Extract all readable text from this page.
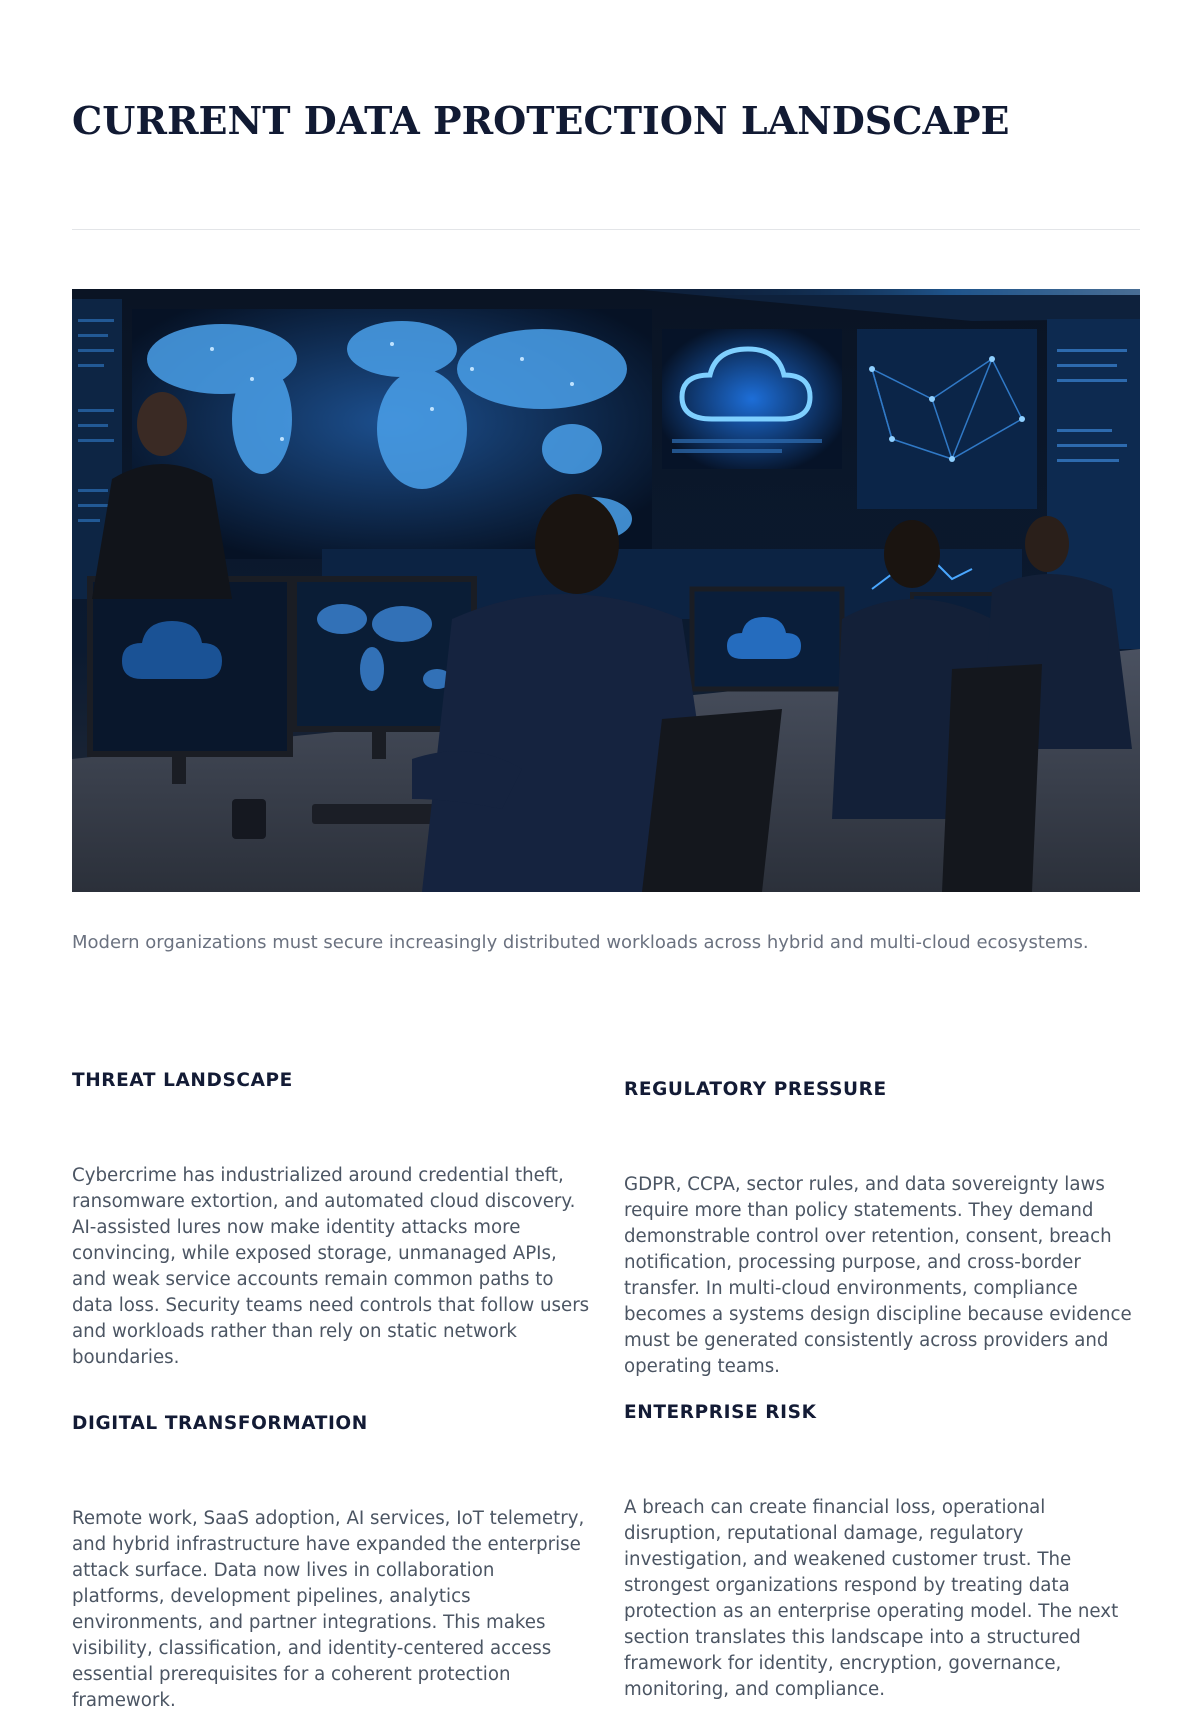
CURRENT DATA PROTECTION LANDSCAPE

Modern organizations must secure increasingly distributed workloads across hybrid and multi-cloud ecosystems.

THREAT LANDSCAPE

Cybercrime has industrialized around credential theft, ransomware extortion, and automated cloud discovery. AI-assisted lures now make identity attacks more convincing, while exposed storage, unmanaged APIs, and weak service accounts remain common paths to data loss. Security teams need controls that follow users and workloads rather than rely on static network boundaries.

DIGITAL TRANSFORMATION

Remote work, SaaS adoption, AI services, IoT telemetry, and hybrid infrastructure have expanded the enterprise attack surface. Data now lives in collaboration platforms, development pipelines, analytics environments, and partner integrations. This makes visibility, classification, and identity-centered access essential prerequisites for a coherent protection framework.

REGULATORY PRESSURE

GDPR, CCPA, sector rules, and data sovereignty laws require more than policy statements. They demand demonstrable control over retention, consent, breach notification, processing purpose, and cross-border transfer. In multi-cloud environments, compliance becomes a systems design discipline because evidence must be generated consistently across providers and operating teams.

ENTERPRISE RISK

A breach can create financial loss, operational disruption, reputational damage, regulatory investigation, and weakened customer trust. The strongest organizations respond by treating data protection as an enterprise operating model. The next section translates this landscape into a structured framework for identity, encryption, governance, monitoring, and compliance.
